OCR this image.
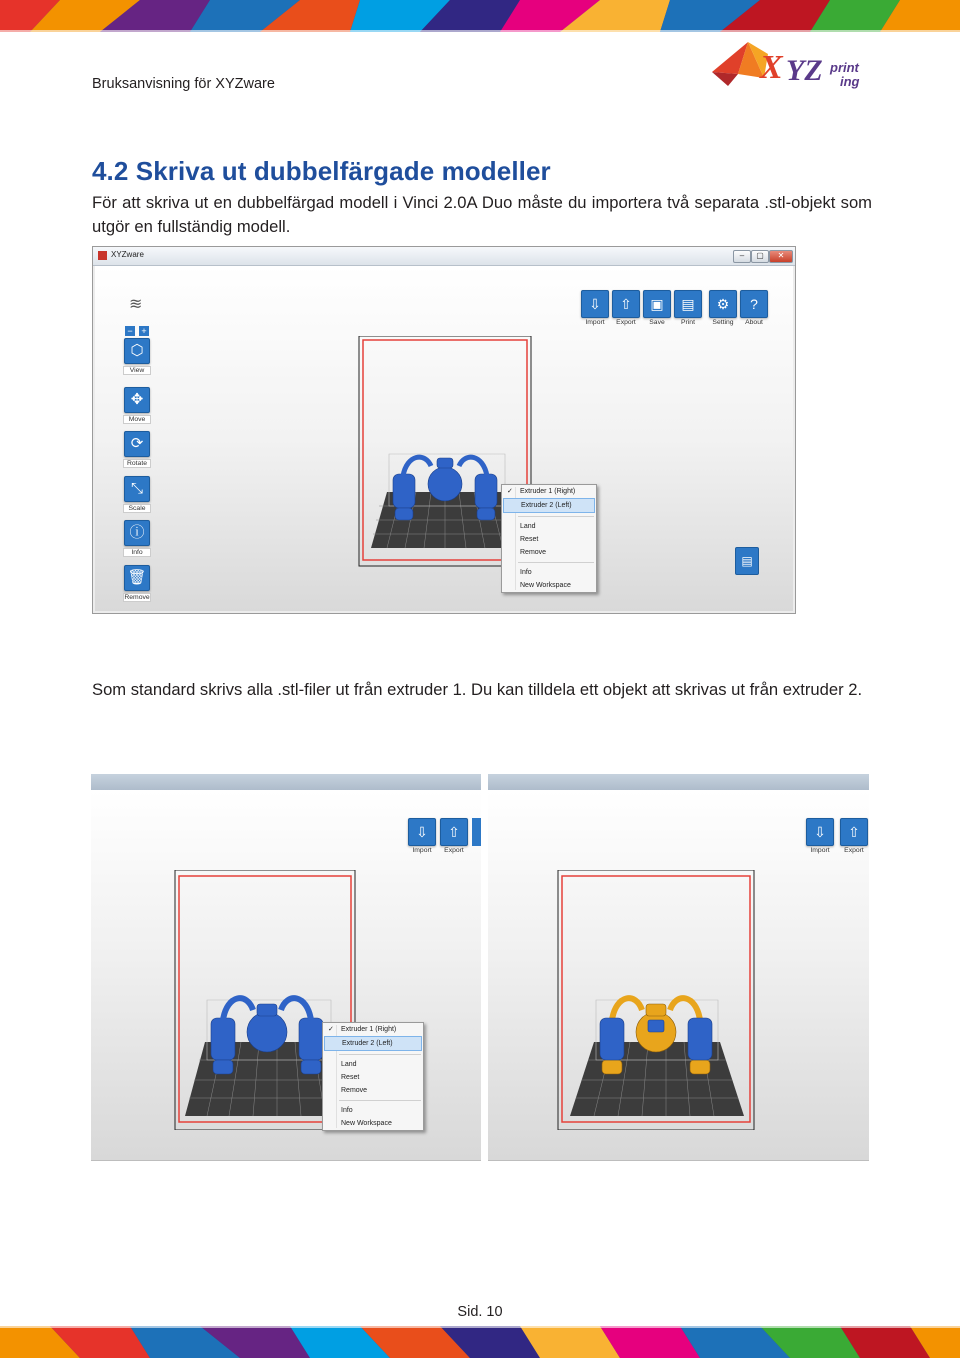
Bruksanvisning för XYZware	X YZ print
ing
4.2 Skriva ut dubbelfärgade modeller

För att skriva ut en dubbelfärgad modell i Vinci 2.0A Duo måste du importera två separata .stl-objekt som utgör en fullständig modell.

XYZware	–	▢	✕
≋
− +
⬡
View
✥
Move
⟳
Rotate
⤡
Scale
ⓘ
Info
🗑
Remove
⇩
Import
⇧
Export
▣
Save
▤
Print
⚙
Setting
?
About
✓ Extruder 1 (Right)
Extruder 2 (Left)
Land
Reset
Remove
Info
New Workspace
▤

Som standard skrivs alla .stl-filer ut från extruder 1. Du kan tilldela ett objekt att skrivas ut från extruder 2.

⇩
Import
⇧
Export
✓ Extruder 1 (Right)
Extruder 2 (Left)
Land
Reset
Remove
Info
New Workspace
⇩
Import
⇧
Export
Sid. 10
